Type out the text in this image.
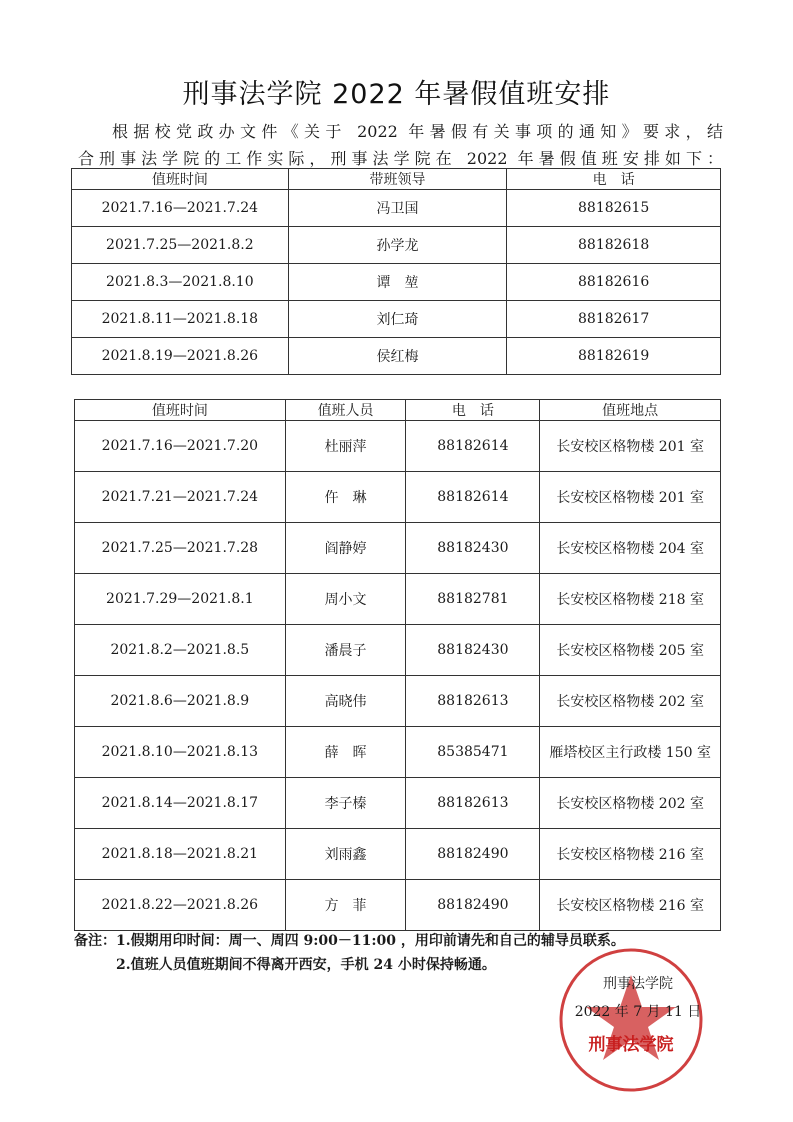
刑事法学院 2022 年暑假值班安排

根据校党政办文件《关于 2022 年暑假有关事项的通知》要求，结

合刑事法学院的工作实际，刑事法学院在 2022 年暑假值班安排如下：

值班时间	带班领导	电　话
2021.7.16—2021.7.24	冯卫国	88182615
2021.7.25—2021.8.2	孙学龙	88182618
2021.8.3—2021.8.10	谭　堃	88182616
2021.8.11—2021.8.18	刘仁琦	88182617
2021.8.19—2021.8.26	侯红梅	88182619
值班时间	值班人员	电　话	值班地点
2021.7.16—2021.7.20	杜丽萍	88182614	长安校区格物楼 201 室
2021.7.21—2021.7.24	仵　琳	88182614	长安校区格物楼 201 室
2021.7.25—2021.7.28	阎静婷	88182430	长安校区格物楼 204 室
2021.7.29—2021.8.1	周小文	88182781	长安校区格物楼 218 室
2021.8.2—2021.8.5	潘晨子	88182430	长安校区格物楼 205 室
2021.8.6—2021.8.9	高晓伟	88182613	长安校区格物楼 202 室
2021.8.10—2021.8.13	薛　晖	85385471	雁塔校区主行政楼 150 室
2021.8.14—2021.8.17	李子榛	88182613	长安校区格物楼 202 室
2021.8.18—2021.8.21	刘雨鑫	88182490	长安校区格物楼 216 室
2021.8.22—2021.8.26	方　菲	88182490	长安校区格物楼 216 室
备注：1.假期用印时间：周一、周四 9:00－11:00 ，用印前请先和自己的辅导员联系。
2.值班人员值班期间不得离开西安，手机 24 小时保持畅通。
刑事法学院
刑事法学院
2022 年 7 月 11 日
